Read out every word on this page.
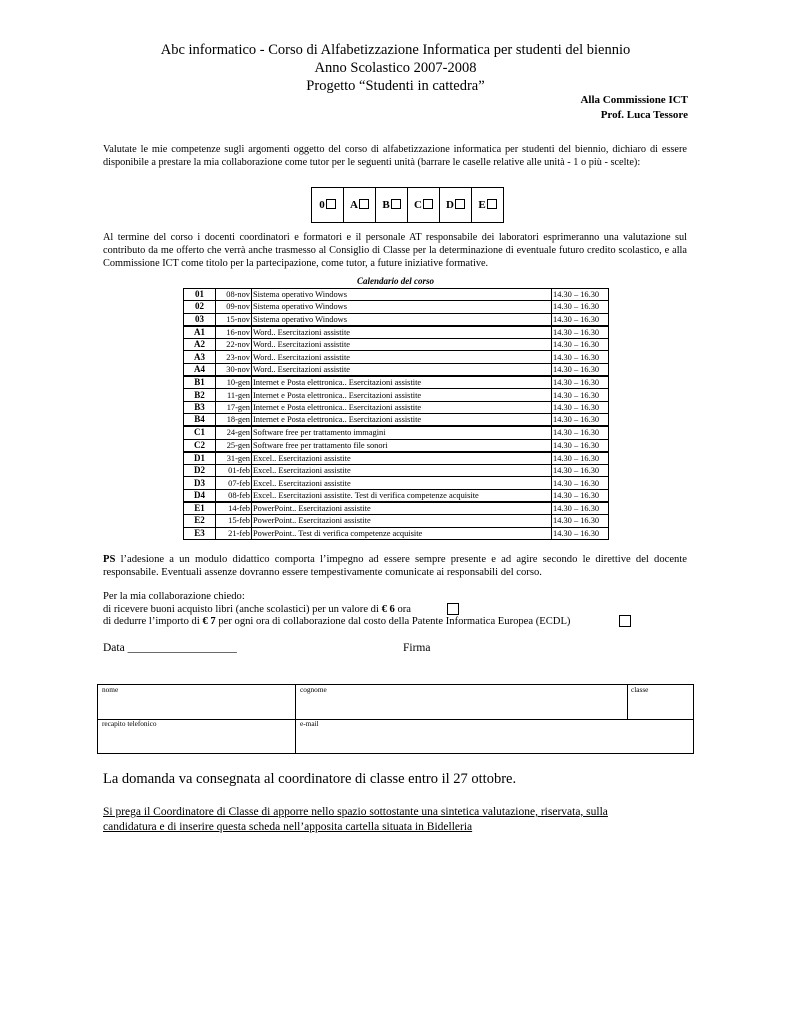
Abc informatico - Corso di Alfabetizzazione Informatica per studenti del biennio
Anno Scolastico 2007-2008
Progetto “Studenti in cattedra”
Alla Commissione ICT
Prof. Luca Tessore
Valutate le mie competenze sugli argomenti oggetto del corso di alfabetizzazione informatica per studenti del biennio, dichiaro di essere disponibile a prestare la mia collaborazione come tutor per le seguenti unità (barrare le caselle relative alle unità - 1 o più - scelte):
0	A	B	C	D	E
Al termine del corso i docenti coordinatori e formatori e il personale AT responsabile dei laboratori esprimeranno una valutazione sul contributo da me offerto che verrà anche trasmesso al Consiglio di Classe per la determinazione di eventuale futuro credito scolastico, e alla Commissione ICT come titolo per la partecipazione, come tutor, a future iniziative formative.
Calendario del corso
01	08-nov	Sistema operativo Windows	14.30 – 16.30
02	09-nov	Sistema operativo Windows	14.30 – 16.30
03	15-nov	Sistema operativo Windows	14.30 – 16.30
A1	16-nov	Word.. Esercitazioni assistite	14.30 – 16.30
A2	22-nov	Word.. Esercitazioni assistite	14.30 – 16.30
A3	23-nov	Word.. Esercitazioni assistite	14.30 – 16.30
A4	30-nov	Word.. Esercitazioni assistite	14.30 – 16.30
B1	10-gen	Internet e Posta elettronica.. Esercitazioni assistite	14.30 – 16.30
B2	11-gen	Internet e Posta elettronica.. Esercitazioni assistite	14.30 – 16.30
B3	17-gen	Internet e Posta elettronica.. Esercitazioni assistite	14.30 – 16.30
B4	18-gen	Internet e Posta elettronica.. Esercitazioni assistite	14.30 – 16.30
C1	24-gen	Software free per trattamento immagini	14.30 – 16.30
C2	25-gen	Software free per trattamento file sonori	14.30 – 16.30
D1	31-gen	Excel.. Esercitazioni assistite	14.30 – 16.30
D2	01-feb	Excel.. Esercitazioni assistite	14.30 – 16.30
D3	07-feb	Excel.. Esercitazioni assistite	14.30 – 16.30
D4	08-feb	Excel.. Esercitazioni assistite. Test di verifica competenze acquisite	14.30 – 16.30
E1	14-feb	PowerPoint.. Esercitazioni assistite	14.30 – 16.30
E2	15-feb	PowerPoint.. Esercitazioni assistite	14.30 – 16.30
E3	21-feb	PowerPoint.. Test di verifica competenze acquisite	14.30 – 16.30
PS l’adesione a un modulo didattico comporta l’impegno ad essere sempre presente e ad agire secondo le direttive del docente responsabile. Eventuali assenze dovranno essere tempestivamente comunicate ai responsabili del corso.
Per la mia collaborazione chiedo:
di ricevere buoni acquisto libri (anche scolastici) per un valore di € 6 ora
di dedurre l’importo di € 7 per ogni ora di collaborazione dal costo della Patente Informatica Europea (ECDL)
Data ___________________	Firma
nome	cognome	classe
recapito telefonico	e-mail
La domanda va consegnata al coordinatore di classe entro il 27 ottobre.
Si prega il Coordinatore di Classe di apporre nello spazio sottostante una sintetica valutazione, riservata, sulla candidatura e di inserire questa scheda nell’apposita cartella situata in Bidelleria
